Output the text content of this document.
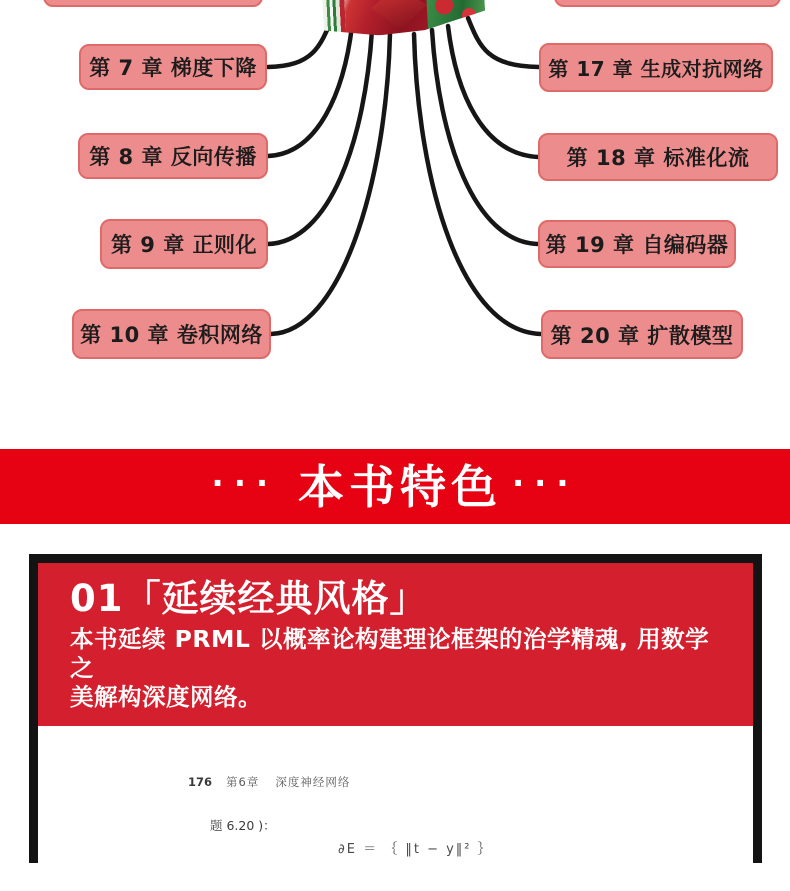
第 7 章 梯度下降
第 8 章 反向传播
第 9 章 正则化
第 10 章 卷积网络
第 17 章 生成对抗网络
第 18 章 标准化流
第 19 章 自编码器
第 20 章 扩散模型
··· 本书特色 ···
01「延续经典风格」

本书延续 PRML 以概率论构建理论框架的治学精魂, 用数学之
美解构深度网络。

176 第6章 深度神经网络
题 6.20 )：
∂E ＝ ｛ ‖t − y‖² ｝
